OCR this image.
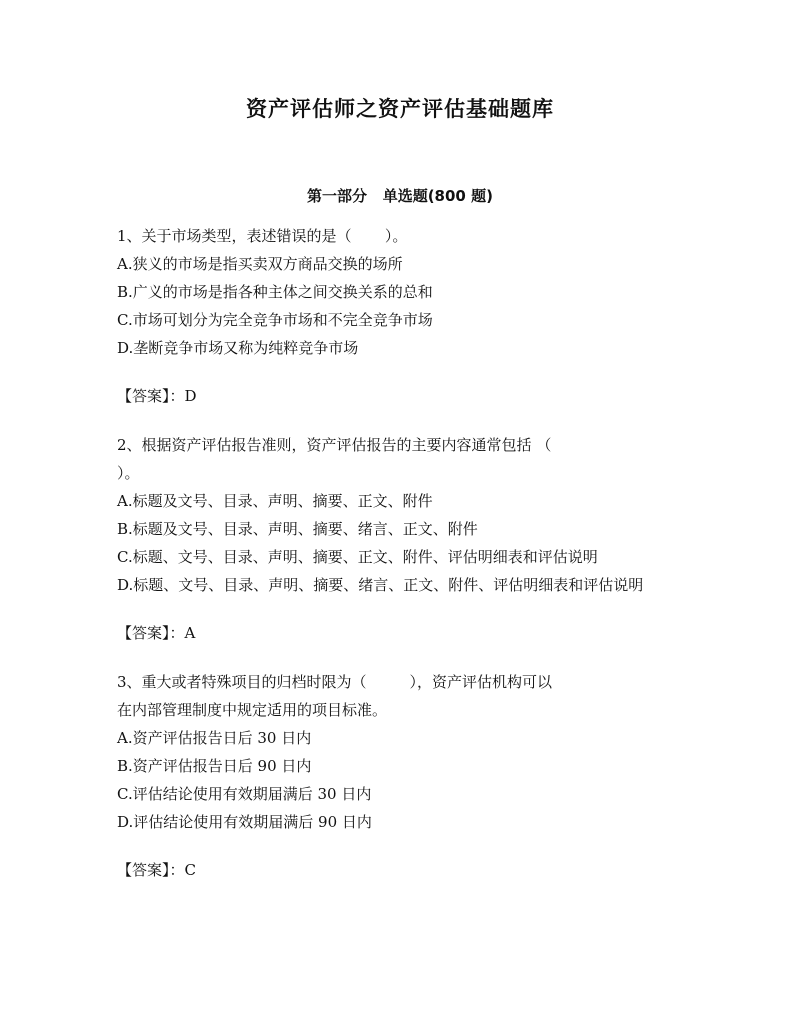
资产评估师之资产评估基础题库
第一部分   单选题(800 题)
1、关于市场类型，表述错误的是（       ）。
A.狭义的市场是指买卖双方商品交换的场所
B.广义的市场是指各种主体之间交换关系的总和
C.市场可划分为完全竞争市场和不完全竞争市场
D.垄断竞争市场又称为纯粹竞争市场
【答案】：D
2、根据资产评估报告准则，资产评估报告的主要内容通常包括 （
）。
A.标题及文号、目录、声明、摘要、正文、附件
B.标题及文号、目录、声明、摘要、绪言、正文、附件
C.标题、文号、目录、声明、摘要、正文、附件、评估明细表和评估说明
D.标题、文号、目录、声明、摘要、绪言、正文、附件、评估明细表和评估说明
【答案】：A
3、重大或者特殊项目的归档时限为（         ），资产评估机构可以
在内部管理制度中规定适用的项目标准。
A.资产评估报告日后 30 日内
B.资产评估报告日后 90 日内
C.评估结论使用有效期届满后 30 日内
D.评估结论使用有效期届满后 90 日内
【答案】：C
